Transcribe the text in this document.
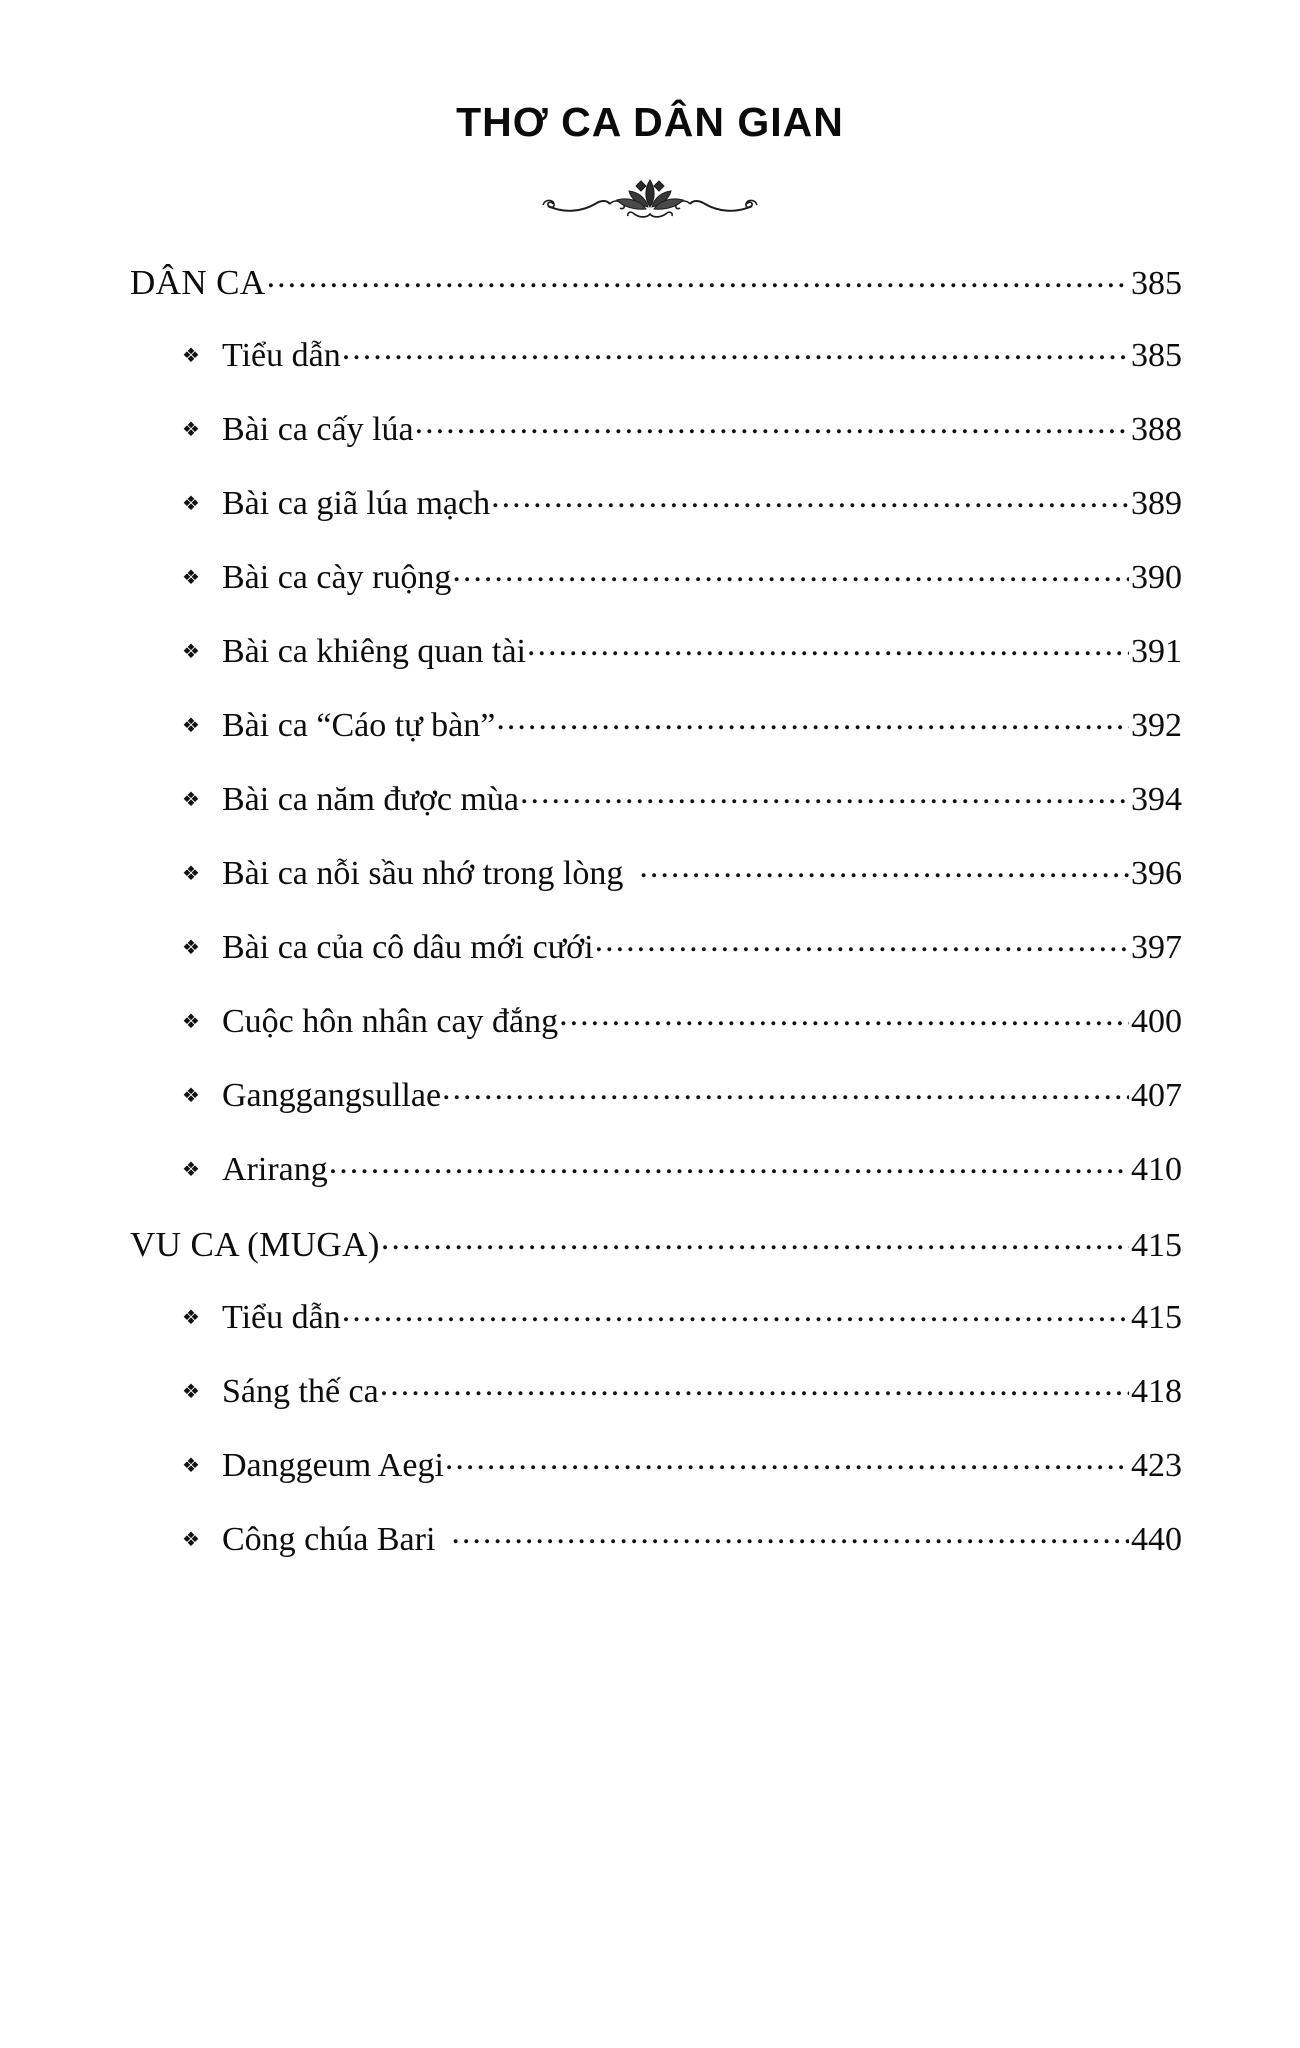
THƠ CA DÂN GIAN
DÂN CA .....	385
❖ Tiểu dẫn .....	385
❖ Bài ca cấy lúa .....	388
❖ Bài ca giã lúa mạch .....	389
❖ Bài ca cày ruộng .....	390
❖ Bài ca khiêng quan tài .....	391
❖ Bài ca “Cáo tự bàn” .....	392
❖ Bài ca năm được mùa .....	394
❖ Bài ca nỗi sầu nhớ trong lòng .....	396
❖ Bài ca của cô dâu mới cưới .....	397
❖ Cuộc hôn nhân cay đắng .....	400
❖ Ganggangsullae .....	407
❖ Arirang .....	410
VU CA (MUGA) .....	415
❖ Tiểu dẫn .....	415
❖ Sáng thế ca .....	418
❖ Danggeum Aegi .....	423
❖ Công chúa Bari .....	440
